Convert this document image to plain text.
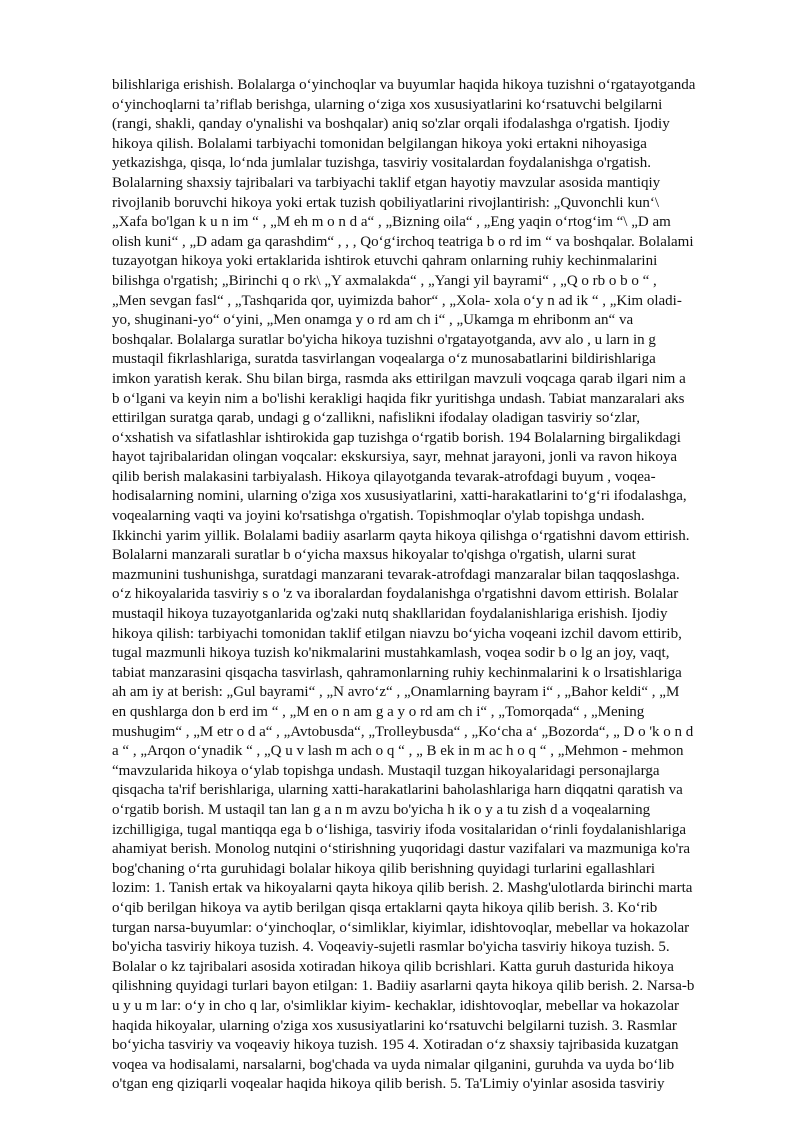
bilishlariga erishish. Bolalarga o‘yinchoqlar va buyumlar haqida hikoya tuzishni o‘rgatayotganda
o‘yinchoqlarni ta’riflab berishga, ularning o‘ziga xos xususiyatlarini ko‘rsatuvchi belgilarni
(rangi, shakli, qanday o'ynalishi va boshqalar) aniq so'zlar orqali ifodalashga o'rgatish. Ijodiy
hikoya qilish. Bolalami tarbiyachi tomonidan belgilangan hikoya yoki ertakni nihoyasiga
yetkazishga, qisqa, lo‘nda jumlalar tuzishga, tasviriy vositalardan foydalanishga o'rgatish.
Bolalarning shaxsiy tajribalari va tarbiyachi taklif etgan hayotiy mavzular asosida mantiqiy
rivojlanib boruvchi hikoya yoki ertak tuzish qobiliyatlarini rivojlantirish: „Quvonchli kun‘\
„Xafa bo'lgan k u n im “ , „M eh m o n d a“ , „Bizning oila“ , „Eng yaqin o‘rtog‘im “\ „D am
olish kuni“ , „D adam ga qarashdim“ , , , Qo‘g‘irchoq teatriga b o rd im “ va boshqalar. Bolalami
tuzayotgan hikoya yoki ertaklarida ishtirok etuvchi qahram onlarning ruhiy kechinmalarini
bilishga o'rgatish; „Birinchi q o rk\ „Y axmalakda“ , „Yangi yil bayrami“ , „Q o rb o b o “ ,
„Men sevgan fasl“ , „Tashqarida qor, uyimizda bahor“ , „Xola- xola o‘y n ad ik “ , „Kim oladi-
yo, shuginani-yo“ o‘yini, „Men onamga y o rd am ch i“ , „Ukamga m ehribonm an“ va
boshqalar. Bolalarga suratlar bo'yicha hikoya tuzishni o'rgatayotganda, avv alo , u larn in g
mustaqil fikrlashlariga, suratda tasvirlangan voqealarga o‘z munosabatlarini bildirishlariga
imkon yaratish kerak. Shu bilan birga, rasmda aks ettirilgan mavzuli voqcaga qarab ilgari nim a
b o‘lgani va keyin nim a bo'lishi kerakligi haqida fikr yuritishga undash. Tabiat manzaralari aks
ettirilgan suratga qarab, undagi g o‘zallikni, nafislikni ifodalay oladigan tasviriy so‘zlar,
o‘xshatish va sifatlashlar ishtirokida gap tuzishga o‘rgatib borish. 194 Bolalarning birgalikdagi
hayot tajribalaridan olingan voqcalar: ekskursiya, sayr, mehnat jarayoni, jonli va ravon hikoya
qilib berish malakasini tarbiyalash. Hikoya qilayotganda tevarak-atrofdagi buyum , voqea-
hodisalarning nomini, ularning o'ziga xos xususiyatlarini, xatti-harakatlarini to‘g‘ri ifodalashga,
voqealarning vaqti va joyini ko'rsatishga o'rgatish. Topishmoqlar o'ylab topishga undash.
Ikkinchi yarim yillik. Bolalami badiiy asarlarm qayta hikoya qilishga o‘rgatishni davom ettirish.
Bolalarni manzarali suratlar b o‘yicha maxsus hikoyalar to'qishga o'rgatish, ularni surat
mazmunini tushunishga, suratdagi manzarani tevarak-atrofdagi manzaralar bilan taqqoslashga.
o‘z hikoyalarida tasviriy s o 'z va iboralardan foydalanishga o'rgatishni davom ettirish. Bolalar
mustaqil hikoya tuzayotganlarida og'zaki nutq shakllaridan foydalanishlariga erishish. Ijodiy
hikoya qilish: tarbiyachi tomonidan taklif etilgan niavzu bo‘yicha voqeani izchil davom ettirib,
tugal mazmunli hikoya tuzish ko'nikmalarini mustahkamlash, voqea sodir b o lg an joy, vaqt,
tabiat manzarasini qisqacha tasvirlash, qahramonlarning ruhiy kechinmalarini k o lrsatishlariga
ah am iy at berish: „Gul bayrami“ , „N avro‘z“ , „Onamlarning bayram i“ , „Bahor keldi“ , „M
en qushlarga don b erd im “ , „M en o n am g a y o rd am ch i“ , „Tomorqada“ , „Mening
mushugim“ , „M etr o d a“ , „Avtobusda“, „Trolleybusda“ , „Ko‘cha a‘ „Bozorda“, „ D o 'k o n d
a “ , „Arqon o‘ynadik “ , „Q u v lash m ach o q “ , „ B ek in m ac h o q “ , „Mehmon - mehmon
“mavzularida hikoya o‘ylab topishga undash. Mustaqil tuzgan hikoyalaridagi personajlarga
qisqacha ta'rif berishlariga, ularning xatti-harakatlarini baholashlariga harn diqqatni qaratish va
o‘rgatib borish. M ustaqil tan lan g a n m avzu bo'yicha h ik o y a tu zish d a voqealarning
izchilligiga, tugal mantiqqa ega b o‘lishiga, tasviriy ifoda vositalaridan o‘rinli foydalanishlariga
ahamiyat berish. Monolog nutqini o‘stirishning yuqoridagi dastur vazifalari va mazmuniga ko'ra
bog'chaning o‘rta guruhidagi bolalar hikoya qilib berishning quyidagi turlarini egallashlari
lozim: 1. Tanish ertak va hikoyalarni qayta hikoya qilib berish. 2. Mashg'ulotlarda birinchi marta
o‘qib berilgan hikoya va aytib berilgan qisqa ertaklarni qayta hikoya qilib berish. 3. Ko‘rib
turgan narsa-buyumlar: o‘yinchoqlar, o‘simliklar, kiyimlar, idishtovoqlar, mebellar va hokazolar
bo'yicha tasviriy hikoya tuzish. 4. Voqeaviy-sujetli rasmlar bo'yicha tasviriy hikoya tuzish. 5.
Bolalar o kz tajribalari asosida xotiradan hikoya qilib bcrishlari. Katta guruh dasturida hikoya
qilishning quyidagi turlari bayon etilgan: 1. Badiiy asarlarni qayta hikoya qilib berish. 2. Narsa-b
u y u m lar: o‘y in cho q lar, o'simliklar kiyim- kechaklar, idishtovoqlar, mebellar va hokazolar
haqida hikoyalar, ularning o'ziga xos xususiyatlarini ko‘rsatuvchi belgilarni tuzish. 3. Rasmlar
bo‘yicha tasviriy va voqeaviy hikoya tuzish. 195 4. Xotiradan o‘z shaxsiy tajribasida kuzatgan
voqea va hodisalami, narsalarni, bog'chada va uyda nimalar qilganini, guruhda va uyda bo‘lib
o'tgan eng qiziqarli voqealar haqida hikoya qilib berish. 5. Ta'Limiy o'yinlar asosida tasviriy
